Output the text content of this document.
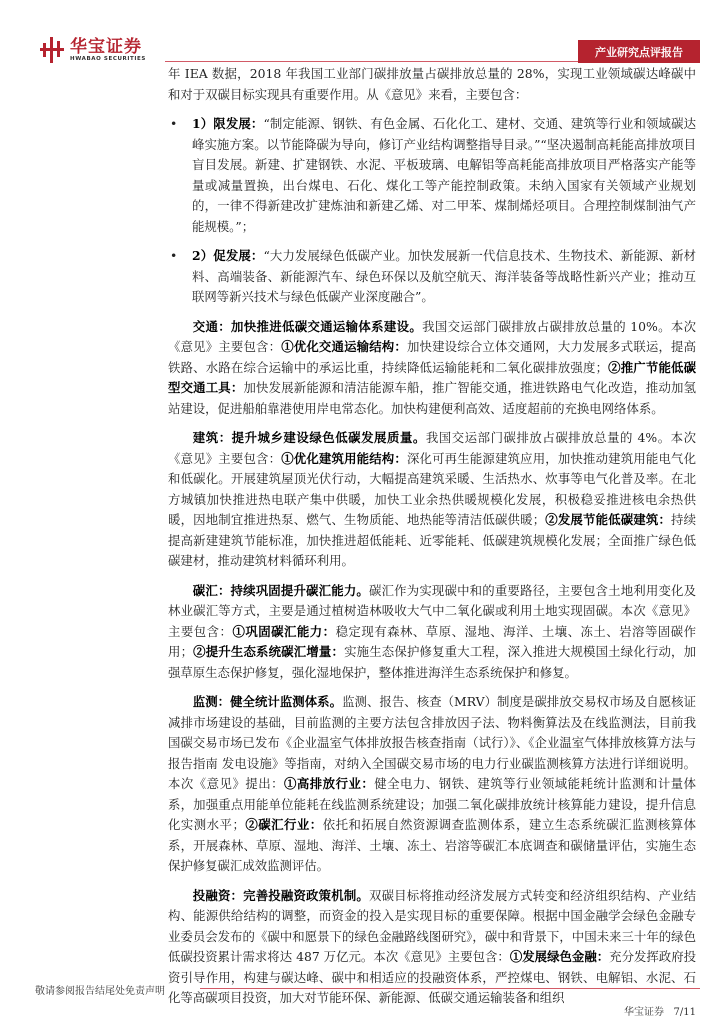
华宝证券
HWABAO SECURITIES
产业研究点评报告

年 IEA 数据，2018 年我国工业部门碳排放量占碳排放总量的 28%，实现工业领域碳达峰碳中和对于双碳目标实现具有重要作用。从《意见》来看，主要包含：

• 1）限发展：“制定能源、钢铁、有色金属、石化化工、建材、交通、建筑等行业和领域碳达峰实施方案。以节能降碳为导向，修订产业结构调整指导目录。”“坚决遏制高耗能高排放项目盲目发展。新建、扩建钢铁、水泥、平板玻璃、电解铝等高耗能高排放项目严格落实产能等量或减量置换，出台煤电、石化、煤化工等产能控制政策。未纳入国家有关领域产业规划的，一律不得新建改扩建炼油和新建乙烯、对二甲苯、煤制烯烃项目。合理控制煤制油气产能规模。”；

• 2）促发展：“大力发展绿色低碳产业。加快发展新一代信息技术、生物技术、新能源、新材料、高端装备、新能源汽车、绿色环保以及航空航天、海洋装备等战略性新兴产业；推动互联网等新兴技术与绿色低碳产业深度融合”。

交通：加快推进低碳交通运输体系建设。我国交运部门碳排放占碳排放总量的 10%。本次《意见》主要包含：①优化交通运输结构：加快建设综合立体交通网，大力发展多式联运，提高铁路、水路在综合运输中的承运比重，持续降低运输能耗和二氧化碳排放强度；②推广节能低碳型交通工具：加快发展新能源和清洁能源车船，推广智能交通，推进铁路电气化改造，推动加氢站建设，促进船舶靠港使用岸电常态化。加快构建便利高效、适度超前的充换电网络体系。

建筑：提升城乡建设绿色低碳发展质量。我国交运部门碳排放占碳排放总量的 4%。本次《意见》主要包含：①优化建筑用能结构：深化可再生能源建筑应用，加快推动建筑用能电气化和低碳化。开展建筑屋顶光伏行动，大幅提高建筑采暖、生活热水、炊事等电气化普及率。在北方城镇加快推进热电联产集中供暖，加快工业余热供暖规模化发展，积极稳妥推进核电余热供暖，因地制宜推进热泵、燃气、生物质能、地热能等清洁低碳供暖；②发展节能低碳建筑：持续提高新建建筑节能标准，加快推进超低能耗、近零能耗、低碳建筑规模化发展；全面推广绿色低碳建材，推动建筑材料循环利用。

碳汇：持续巩固提升碳汇能力。碳汇作为实现碳中和的重要路径，主要包含土地利用变化及林业碳汇等方式，主要是通过植树造林吸收大气中二氧化碳或利用土地实现固碳。本次《意见》主要包含：①巩固碳汇能力：稳定现有森林、草原、湿地、海洋、土壤、冻土、岩溶等固碳作用；②提升生态系统碳汇增量：实施生态保护修复重大工程，深入推进大规模国土绿化行动，加强草原生态保护修复，强化湿地保护，整体推进海洋生态系统保护和修复。

监测：健全统计监测体系。监测、报告、核查（MRV）制度是碳排放交易权市场及自愿核证减排市场建设的基础，目前监测的主要方法包含排放因子法、物料衡算法及在线监测法，目前我国碳交易市场已发布《企业温室气体排放报告核查指南（试行）》、《企业温室气体排放核算方法与报告指南 发电设施》等指南，对纳入全国碳交易市场的电力行业碳监测核算方法进行详细说明。本次《意见》提出：①高排放行业：健全电力、钢铁、建筑等行业领域能耗统计监测和计量体系，加强重点用能单位能耗在线监测系统建设；加强二氧化碳排放统计核算能力建设，提升信息化实测水平；②碳汇行业：依托和拓展自然资源调查监测体系，建立生态系统碳汇监测核算体系，开展森林、草原、湿地、海洋、土壤、冻土、岩溶等碳汇本底调查和碳储量评估，实施生态保护修复碳汇成效监测评估。

投融资：完善投融资政策机制。双碳目标将推动经济发展方式转变和经济组织结构、产业结构、能源供给结构的调整，而资金的投入是实现目标的重要保障。根据中国金融学会绿色金融专业委员会发布的《碳中和愿景下的绿色金融路线图研究》，碳中和背景下，中国未来三十年的绿色低碳投资累计需求将达 487 万亿元。本次《意见》主要包含：①发展绿色金融：充分发挥政府投资引导作用，构建与碳达峰、碳中和相适应的投融资体系，严控煤电、钢铁、电解铝、水泥、石化等高碳项目投资，加大对节能环保、新能源、低碳交通运输装备和组织

敬请参阅报告结尾处免责声明
华宝证券 7/11
